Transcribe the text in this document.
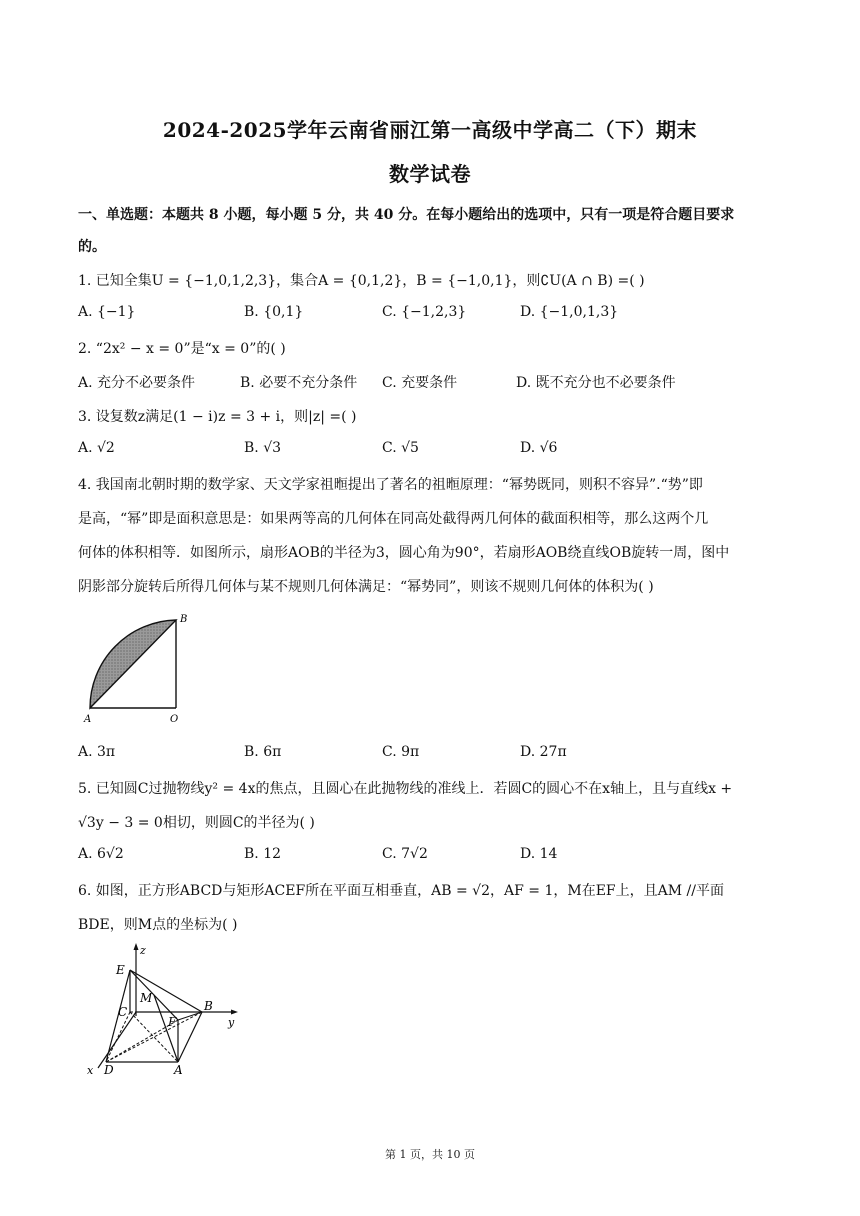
2024-2025学年云南省丽江第一高级中学高二（下）期末
数学试卷
一、单选题：本题共 8 小题，每小题 5 分，共 40 分。在每小题给出的选项中，只有一项是符合题目要求
的。
1. 已知全集U = {−1,0,1,2,3}，集合A = {0,1,2}，B = {−1,0,1}，则∁U(A ∩ B) =( )
A. {−1}	B. {0,1}	C. {−1,2,3}	D. {−1,0,1,3}
2. “2x² − x = 0”是“x = 0”的( )
A. 充分不必要条件	B. 必要不充分条件 C. 充要条件	D. 既不充分也不必要条件
3. 设复数z满足(1 − i)z = 3 + i，则|z| =( )
A. √2	B. √3	C. √5	D. √6
4. 我国南北朝时期的数学家、天文学家祖暅提出了著名的祖暅原理：“幂势既同，则积不容异”.“势”即
是高，“幂”即是面积意思是：如果两等高的几何体在同高处截得两几何体的截面积相等，那么这两个几
何体的体积相等．如图所示，扇形AOB的半径为3，圆心角为90°，若扇形AOB绕直线OB旋转一周，图中
阴影部分旋转后所得几何体与某不规则几何体满足：“幂势同”，则该不规则几何体的体积为( )
B
A	O
A. 3π	B. 6π	C. 9π	D. 27π
5. 已知圆C过抛物线y² = 4x的焦点，且圆心在此抛物线的准线上．若圆C的圆心不在x轴上，且与直线x +
√3y − 3 = 0相切，则圆C的半径为( )
A. 6√2	B. 12	C. 7√2	D. 14
6. 如图，正方形ABCD与矩形ACEF所在平面互相垂直，AB = √2，AF = 1，M在EF上，且AM //平面
BDE，则M点的坐标为( )
z
y
x
E
M
B
C
F
D	A
第 1 页，共 10 页
